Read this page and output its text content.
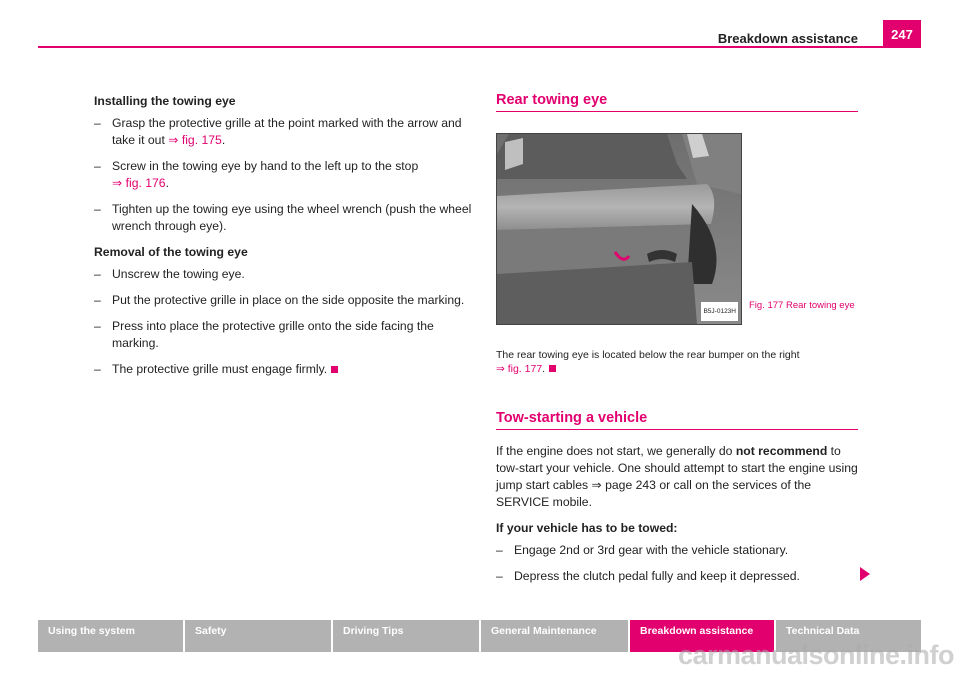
Breakdown assistance	247

Installing the towing eye

– Grasp the protective grille at the point marked with the arrow and take it out ⇒ fig. 175.

– Screw in the towing eye by hand to the left up to the stop
⇒ fig. 176.

– Tighten up the towing eye using the wheel wrench (push the wheel wrench through eye).

Removal of the towing eye

– Unscrew the towing eye.

– Put the protective grille in place on the side opposite the marking.

– Press into place the protective grille onto the side facing the marking.

– The protective grille must engage firmly.

Rear towing eye

B5J-0123H
Fig. 177 Rear towing eye

The rear towing eye is located below the rear bumper on the right
⇒ fig. 177.

Tow-starting a vehicle

If the engine does not start, we generally do not recommend to tow-start your vehicle. One should attempt to start the engine using jump start cables ⇒ page 243 or call on the services of the SERVICE mobile.

If your vehicle has to be towed:

– Engage 2nd or 3rd gear with the vehicle stationary.

– Depress the clutch pedal fully and keep it depressed.

Using the system	Safety	Driving Tips	General Maintenance	Breakdown assistance	Technical Data
carmanualsonline.info
